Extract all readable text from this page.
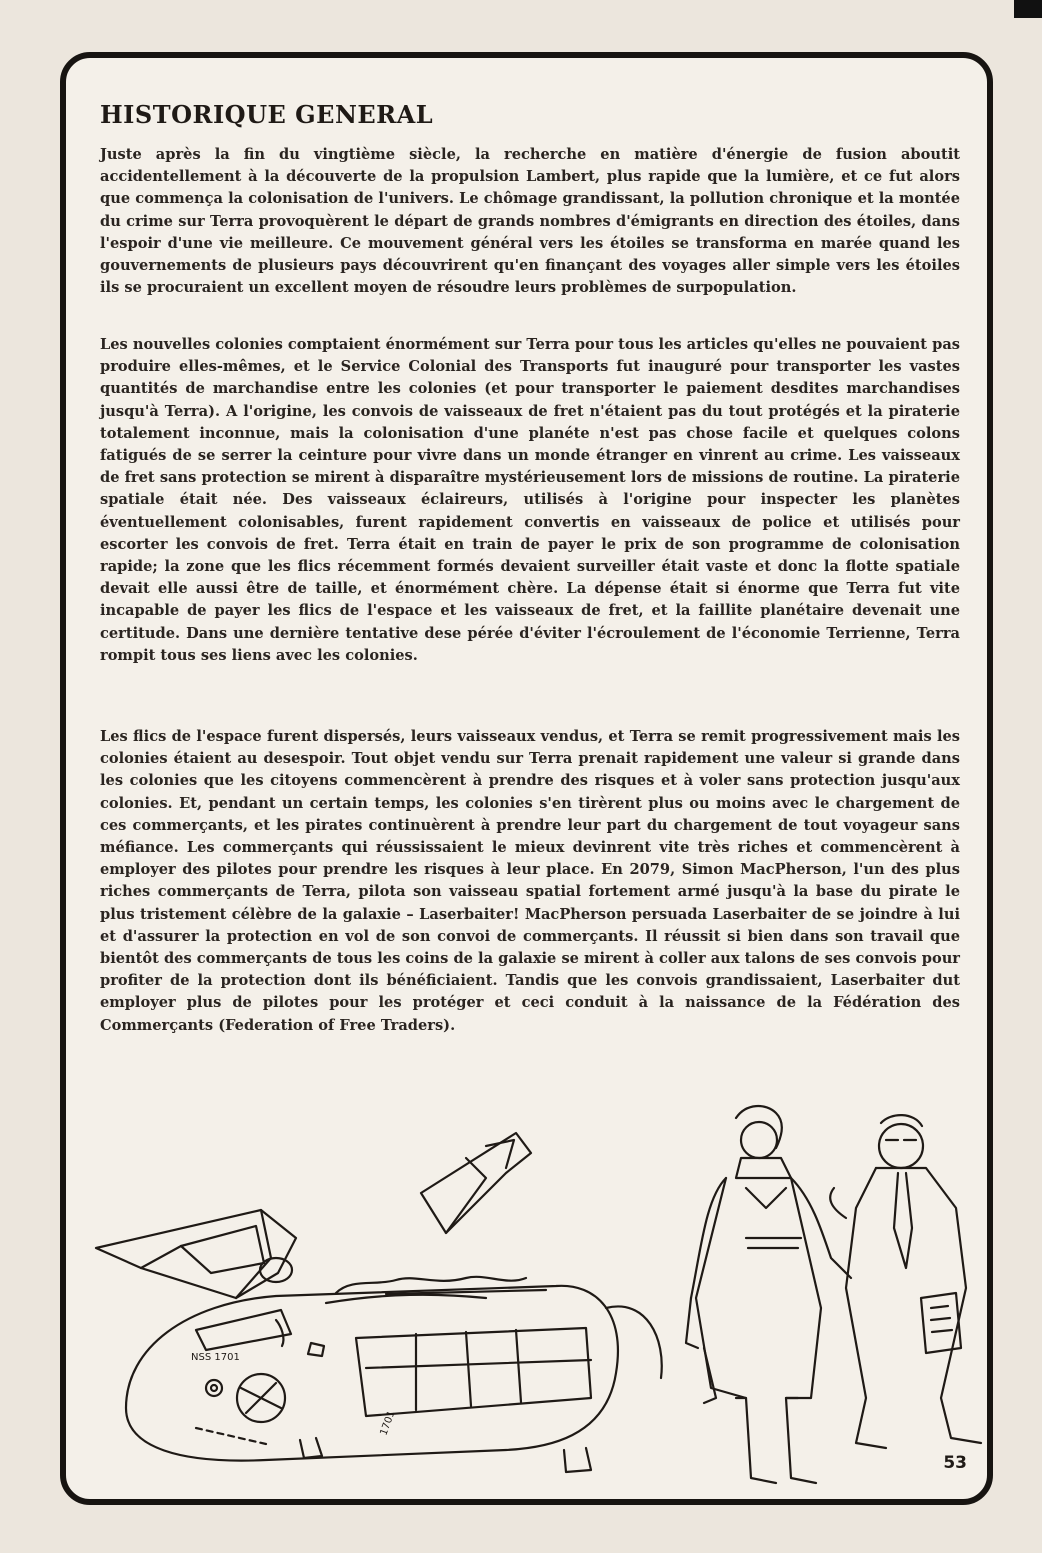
HISTORIQUE GENERAL

Juste après la fin du vingtième siècle, la recherche en matière d'énergie de fusion aboutit accidentellement à la découverte de la propulsion Lambert, plus rapide que la lumière, et ce fut alors que commença la colonisation de l'univers. Le chômage grandissant, la pollution chronique et la montée du crime sur Terra provoquèrent le départ de grands nombres d'émigrants en direction des étoiles, dans l'espoir d'une vie meilleure. Ce mouvement général vers les étoiles se transforma en marée quand les gouvernements de plusieurs pays découvrirent qu'en finançant des voyages aller simple vers les étoiles ils se procuraient un excellent moyen de résoudre leurs problèmes de surpopulation.

Les nouvelles colonies comptaient énormément sur Terra pour tous les articles qu'elles ne pouvaient pas produire elles-mêmes, et le Service Colonial des Transports fut inauguré pour transporter les vastes quantités de marchandise entre les colonies (et pour transporter le paiement desdites marchandises jusqu'à Terra). A l'origine, les convois de vaisseaux de fret n'étaient pas du tout protégés et la piraterie totalement inconnue, mais la colonisation d'une planéte n'est pas chose facile et quelques colons fatigués de se serrer la ceinture pour vivre dans un monde étranger en vinrent au crime. Les vaisseaux de fret sans protection se mirent à disparaître mystérieusement lors de missions de routine. La piraterie spatiale était née. Des vaisseaux éclaireurs, utilisés à l'origine pour inspecter les planètes éventuellement colonisables, furent rapidement convertis en vaisseaux de police et utilisés pour escorter les convois de fret. Terra était en train de payer le prix de son programme de colonisation rapide; la zone que les flics récemment formés devaient surveiller était vaste et donc la flotte spatiale devait elle aussi être de taille, et énormément chère. La dépense était si énorme que Terra fut vite incapable de payer les flics de l'espace et les vaisseaux de fret, et la faillite planétaire devenait une certitude. Dans une dernière tentative dese pérée d'éviter l'écroulement de l'économie Terrienne, Terra rompit tous ses liens avec les colonies.

Les flics de l'espace furent dispersés, leurs vaisseaux vendus, et Terra se remit progressivement mais les colonies étaient au desespoir. Tout objet vendu sur Terra prenait rapidement une valeur si grande dans les colonies que les citoyens commencèrent à prendre des risques et à voler sans protection jusqu'aux colonies. Et, pendant un certain temps, les colonies s'en tirèrent plus ou moins avec le chargement de ces commerçants, et les pirates continuèrent à prendre leur part du chargement de tout voyageur sans méfiance. Les commerçants qui réussissaient le mieux devinrent vite très riches et commencèrent à employer des pilotes pour prendre les risques à leur place. En 2079, Simon MacPherson, l'un des plus riches commerçants de Terra, pilota son vaisseau spatial fortement armé jusqu'à la base du pirate le plus tristement célèbre de la galaxie – Laserbaiter! MacPherson persuada Laserbaiter de se joindre à lui et d'assurer la protection en vol de son convoi de commerçants. Il réussit si bien dans son travail que bientôt des commerçants de tous les coins de la galaxie se mirent à coller aux talons de ses convois pour profiter de la protection dont ils bénéficiaient. Tandis que les convois grandissaient, Laserbaiter dut employer plus de pilotes pour les protéger et ceci conduit à la naissance de la Fédération des Commerçants (Federation of Free Traders).

NSS 1701
1701
53
